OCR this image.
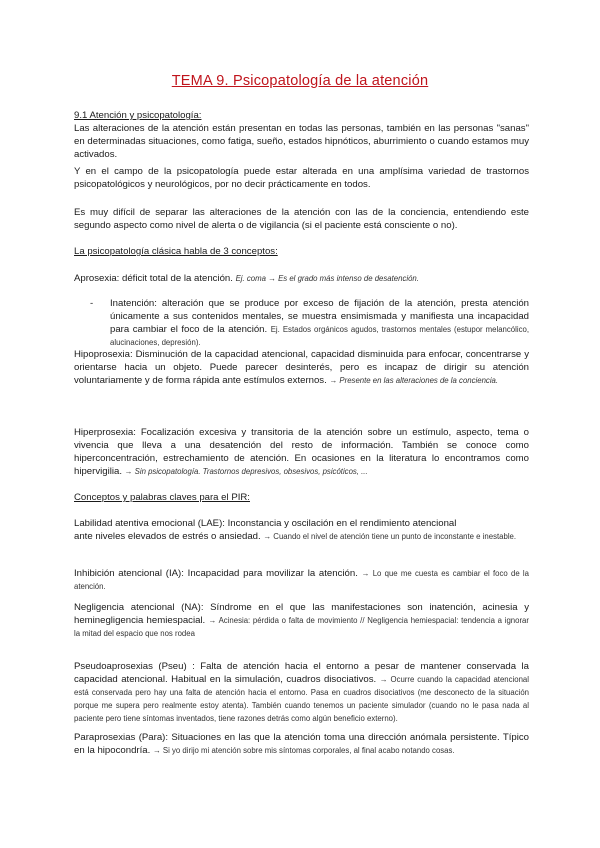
TEMA 9. Psicopatología de la atención
9.1 Atención y psicopatología:
Las alteraciones de la atención están presentan en todas las personas, también en las personas "sanas" en determinadas situaciones, como fatiga, sueño, estados hipnóticos, aburrimiento o cuando estamos muy activados.
Y en el campo de la psicopatología puede estar alterada en una amplísima variedad de trastornos psicopatológicos y neurológicos, por no decir prácticamente en todos.
Es muy difícil de separar las alteraciones de la atención con las de la conciencia, entendiendo este segundo aspecto como nivel de alerta o de vigilancia (si el paciente está consciente o no).
La psicopatología clásica habla de 3 conceptos:
Aprosexia: déficit total de la atención. Ej. coma → Es el grado más intenso de desatención.
-	Inatención: alteración que se produce por exceso de fijación de la atención, presta atención únicamente a sus contenidos mentales, se muestra ensimismada y manifiesta una incapacidad para cambiar el foco de la atención. Ej. Estados orgánicos agudos, trastornos mentales (estupor melancólico, alucinaciones, depresión).
Hipoprosexia: Disminución de la capacidad atencional, capacidad disminuida para enfocar, concentrarse y orientarse hacia un objeto. Puede parecer desinterés, pero es incapaz de dirigir su atención voluntariamente y de forma rápida ante estímulos externos. → Presente en las alteraciones de la conciencia.
Hiperprosexia: Focalización excesiva y transitoria de la atención sobre un estímulo, aspecto, tema o vivencia que lleva a una desatención del resto de información. También se conoce como hiperconcentración, estrechamiento de atención. En ocasiones en la literatura lo encontramos como hipervigilia. → Sin psicopatología. Trastornos depresivos, obsesivos, psicóticos, ...
Conceptos y palabras claves para el PIR:
Labilidad atentiva emocional (LAE): Inconstancia y oscilación en el rendimiento atencional
ante niveles elevados de estrés o ansiedad. → Cuando el nivel de atención tiene un punto de inconstante e inestable.
Inhibición atencional (IA): Incapacidad para movilizar la atención. → Lo que me cuesta es cambiar el foco de la atención.
Negligencia atencional (NA): Síndrome en el que las manifestaciones son inatención, acinesia y heminegligencia hemiespacial. → Acinesia: pérdida o falta de movimiento // Negligencia hemiespacial: tendencia a ignorar la mitad del espacio que nos rodea
Pseudoaprosexias (Pseu) : Falta de atención hacia el entorno a pesar de mantener conservada la capacidad atencional. Habitual en la simulación, cuadros disociativos. → Ocurre cuando la capacidad atencional está conservada pero hay una falta de atención hacia el entorno. Pasa en cuadros disociativos (me desconecto de la situación porque me supera pero realmente estoy atenta). También cuando tenemos un paciente simulador (cuando no le pasa nada al paciente pero tiene síntomas inventados, tiene razones detrás como algún beneficio externo).
Paraprosexias (Para): Situaciones en las que la atención toma una dirección anómala persistente. Típico en la hipocondría. → Si yo dirijo mi atención sobre mis síntomas corporales, al final acabo notando cosas.
